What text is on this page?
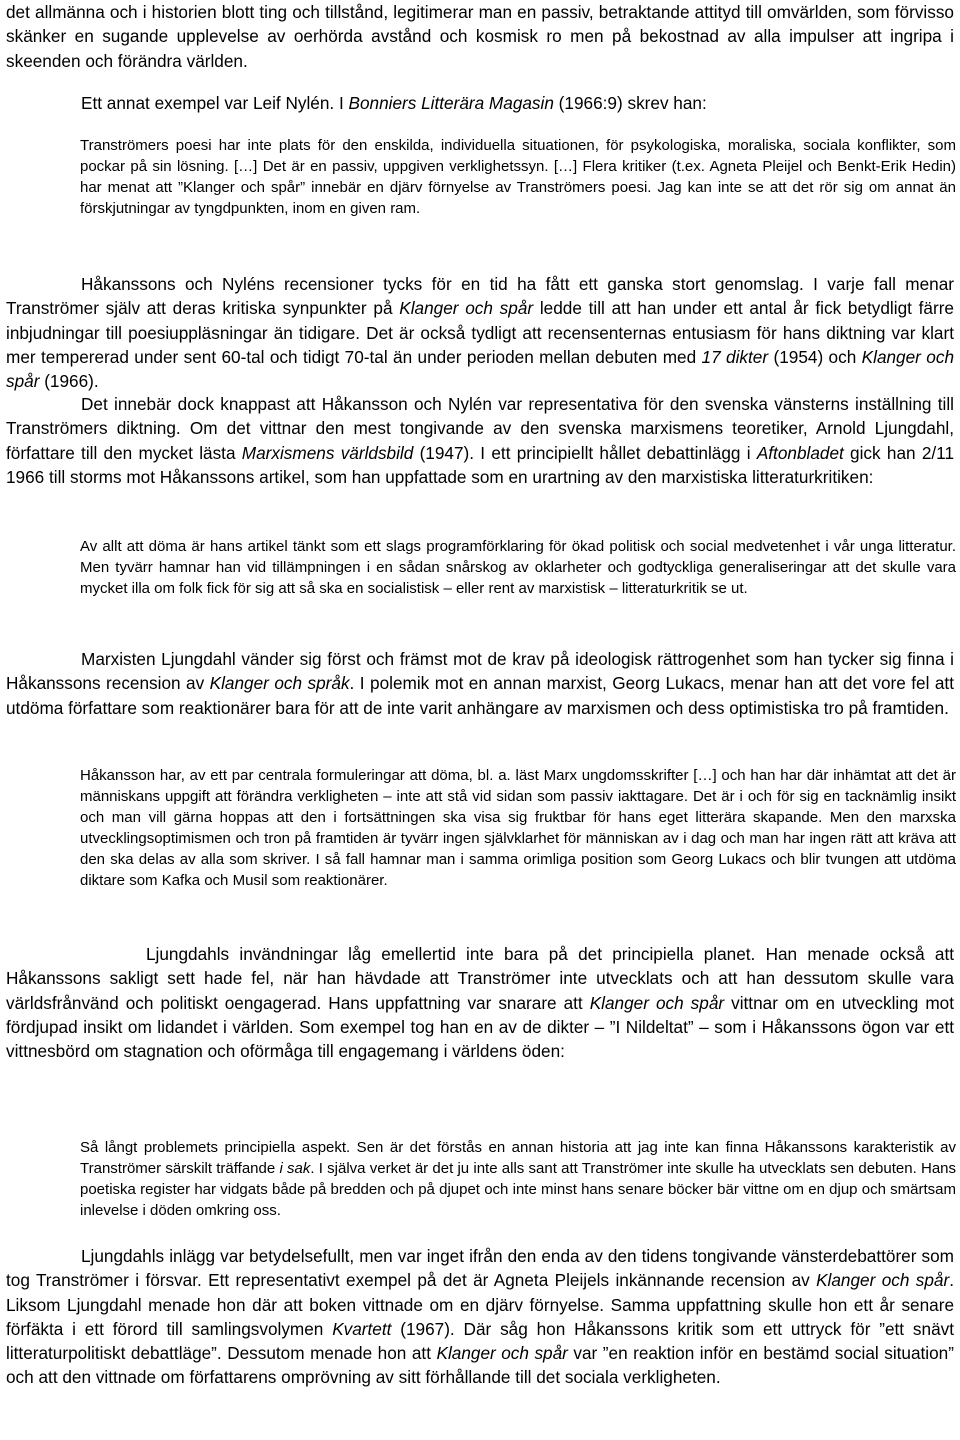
det allmänna och i historien blott ting och tillstånd, legitimerar man en passiv, betraktande attityd till omvärlden, som förvisso skänker en sugande upplevelse av oerhörda avstånd och kosmisk ro men på bekostnad av alla impulser att ingripa i skeenden och förändra världen.

Ett annat exempel var Leif Nylén. I Bonniers Litterära Magasin (1966:9) skrev han:

Tranströmers poesi har inte plats för den enskilda, individuella situationen, för psykologiska, moraliska, sociala konflikter, som pockar på sin lösning. […] Det är en passiv, uppgiven verklighetssyn. […] Flera kritiker (t.ex. Agneta Pleijel och Benkt-Erik Hedin) har menat att ”Klanger och spår” innebär en djärv förnyelse av Tranströmers poesi. Jag kan inte se att det rör sig om annat än förskjutningar av tyngdpunkten, inom en given ram.

Håkanssons och Nyléns recensioner tycks för en tid ha fått ett ganska stort genomslag. I varje fall menar Tranströmer själv att deras kritiska synpunkter på Klanger och spår ledde till att han under ett antal år fick betydligt färre inbjudningar till poesiuppläsningar än tidigare. Det är också tydligt att recensenternas entusiasm för hans diktning var klart mer tempererad under sent 60-tal och tidigt 70-tal än under perioden mellan debuten med 17 dikter (1954) och Klanger och spår (1966).

Det innebär dock knappast att Håkansson och Nylén var representativa för den svenska vänsterns inställning till Tranströmers diktning. Om det vittnar den mest tongivande av den svenska marxismens teoretiker, Arnold Ljungdahl, författare till den mycket lästa Marxismens världsbild (1947). I ett principiellt hållet debattinlägg i Aftonbladet gick han 2/11 1966 till storms mot Håkanssons artikel, som han uppfattade som en urartning av den marxistiska litteraturkritiken:

Av allt att döma är hans artikel tänkt som ett slags programförklaring för ökad politisk och social medvetenhet i vår unga litteratur. Men tyvärr hamnar han vid tillämpningen i en sådan snårskog av oklarheter och godtyckliga generaliseringar att det skulle vara mycket illa om folk fick för sig att så ska en socialistisk – eller rent av marxistisk – litteraturkritik se ut.

Marxisten Ljungdahl vänder sig först och främst mot de krav på ideologisk rättrogenhet som han tycker sig finna i Håkanssons recension av Klanger och språk. I polemik mot en annan marxist, Georg Lukacs, menar han att det vore fel att utdöma författare som reaktionärer bara för att de inte varit anhängare av marxismen och dess optimistiska tro på framtiden.

Håkansson har, av ett par centrala formuleringar att döma, bl. a. läst Marx ungdomsskrifter […] och han har där inhämtat att det är människans uppgift att förändra verkligheten – inte att stå vid sidan som passiv iakttagare. Det är i och för sig en tacknämlig insikt och man vill gärna hoppas att den i fortsättningen ska visa sig fruktbar för hans eget litterära skapande. Men den marxska utvecklingsoptimismen och tron på framtiden är tyvärr ingen självklarhet för människan av i dag och man har ingen rätt att kräva att den ska delas av alla som skriver. I så fall hamnar man i samma orimliga position som Georg Lukacs och blir tvungen att utdöma diktare som Kafka och Musil som reaktionärer.

Ljungdahls invändningar låg emellertid inte bara på det principiella planet. Han menade också att Håkanssons sakligt sett hade fel, när han hävdade att Tranströmer inte utvecklats och att han dessutom skulle vara världsfrånvänd och politiskt oengagerad. Hans uppfattning var snarare att Klanger och spår vittnar om en utveckling mot fördjupad insikt om lidandet i världen. Som exempel tog han en av de dikter – ”I Nildeltat” – som i Håkanssons ögon var ett vittnesbörd om stagnation och oförmåga till engagemang i världens öden:

Så långt problemets principiella aspekt. Sen är det förstås en annan historia att jag inte kan finna Håkanssons karakteristik av Tranströmer särskilt träffande i sak. I själva verket är det ju inte alls sant att Tranströmer inte skulle ha utvecklats sen debuten. Hans poetiska register har vidgats både på bredden och på djupet och inte minst hans senare böcker bär vittne om en djup och smärtsam inlevelse i döden omkring oss.

Ljungdahls inlägg var betydelsefullt, men var inget ifrån den enda av den tidens tongivande vänsterdebattörer som tog Tranströmer i försvar. Ett representativt exempel på det är Agneta Pleijels inkännande recension av Klanger och spår. Liksom Ljungdahl menade hon där att boken vittnade om en djärv förnyelse. Samma uppfattning skulle hon ett år senare förfäkta i ett förord till samlingsvolymen Kvartett (1967). Där såg hon Håkanssons kritik som ett uttryck för ”ett snävt litteraturpolitiskt debattläge”. Dessutom menade hon att Klanger och spår var ”en reaktion inför en bestämd social situation” och att den vittnade om författarens omprövning av sitt förhållande till det sociala verkligheten.
